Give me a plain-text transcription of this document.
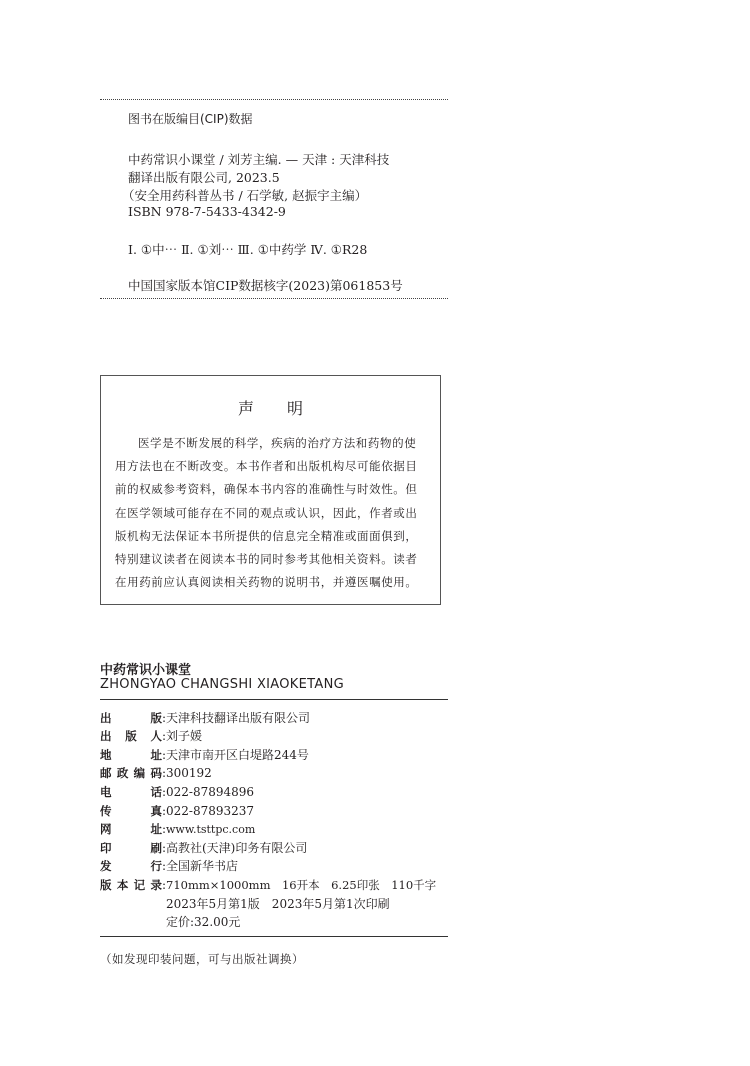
图书在版编目(CIP)数据
中药常识小课堂 / 刘芳主编. — 天津 : 天津科技
翻译出版有限公司, 2023.5
（安全用药科普丛书 / 石学敏, 赵振宇主编）
ISBN 978-7-5433-4342-9
Ⅰ. ①中⋯ Ⅱ. ①刘⋯ Ⅲ. ①中药学 Ⅳ. ①R28
中国国家版本馆CIP数据核字(2023)第061853号
声 明
医学是不断发展的科学，疾病的治疗方法和药物的使用方法也在不断改变。本书作者和出版机构尽可能依据目前的权威参考资料，确保本书内容的准确性与时效性。但在医学领域可能存在不同的观点或认识，因此，作者或出版机构无法保证本书所提供的信息完全精准或面面俱到，特别建议读者在阅读本书的同时参考其他相关资料。读者在用药前应认真阅读相关药物的说明书，并遵医嘱使用。
中药常识小课堂
ZHONGYAO CHANGSHI XIAOKETANG
出版:天津科技翻译出版有限公司
出版人:刘子媛
地址:天津市南开区白堤路244号
邮政编码:300192
电话:022-87894896
传真:022-87893237
网址:www.tsttpc.com
印刷:高教社(天津)印务有限公司
发行:全国新华书店
版本记录:710mm×1000mm　16开本　6.25印张　110千字
2023年5月第1版　2023年5月第1次印刷
定价:32.00元
（如发现印装问题，可与出版社调换）
